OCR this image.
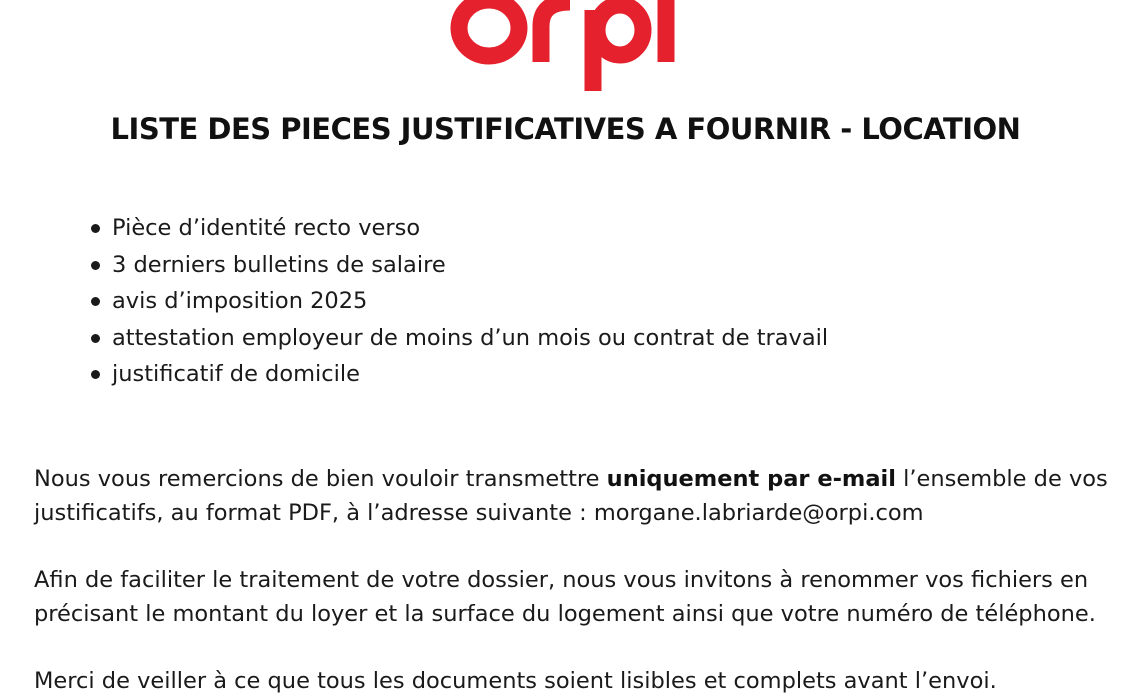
LISTE DES PIECES JUSTIFICATIVES A FOURNIR - LOCATION
Pièce d’identité recto verso
3 derniers bulletins de salaire
avis d’imposition 2025
attestation employeur de moins d’un mois ou contrat de travail
justificatif de domicile

Nous vous remercions de bien vouloir transmettre uniquement par e-mail l’ensemble de vos
justificatifs, au format PDF, à l’adresse suivante : morgane.labriarde@orpi.com

Afin de faciliter le traitement de votre dossier, nous vous invitons à renommer vos fichiers en
précisant le montant du loyer et la surface du logement ainsi que votre numéro de téléphone.

Merci de veiller à ce que tous les documents soient lisibles et complets avant l’envoi.
